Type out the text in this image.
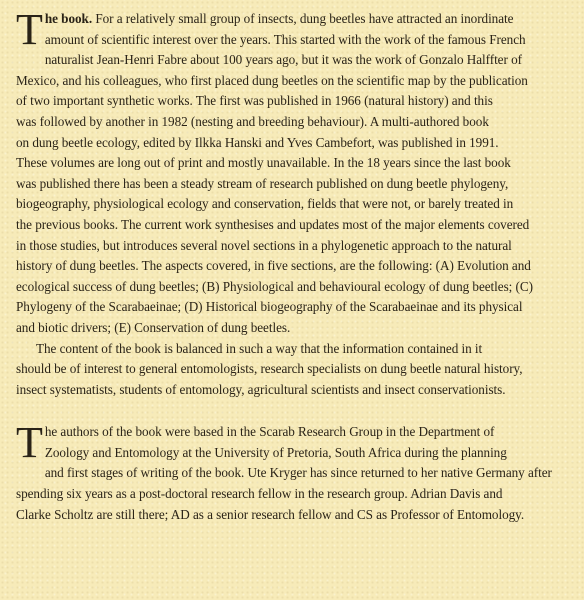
T he book. For a relatively small group of insects, dung beetles have attracted an inordinate
amount of scientific interest over the years. This started with the work of the famous French
naturalist Jean-Henri Fabre about 100 years ago, but it was the work of Gonzalo Halffter of
Mexico, and his colleagues, who first placed dung beetles on the scientific map by the publication
of two important synthetic works. The first was published in 1966 (natural history) and this
was followed by another in 1982 (nesting and breeding behaviour). A multi-authored book
on dung beetle ecology, edited by Ilkka Hanski and Yves Cambefort, was published in 1991.
These volumes are long out of print and mostly unavailable. In the 18 years since the last book
was published there has been a steady stream of research published on dung beetle phylogeny,
biogeography, physiological ecology and conservation, fields that were not, or barely treated in
the previous books. The current work synthesises and updates most of the major elements covered
in those studies, but introduces several novel sections in a phylogenetic approach to the natural
history of dung beetles. The aspects covered, in five sections, are the following: (A) Evolution and
ecological success of dung beetles; (B) Physiological and behavioural ecology of dung beetles; (C)
Phylogeny of the Scarabaeinae; (D) Historical biogeography of the Scarabaeinae and its physical
and biotic drivers; (E) Conservation of dung beetles.
The content of the book is balanced in such a way that the information contained in it
should be of interest to general entomologists, research specialists on dung beetle natural history,
insect systematists, students of entomology, agricultural scientists and insect conservationists.
T he authors of the book were based in the Scarab Research Group in the Department of
Zoology and Entomology at the University of Pretoria, South Africa during the planning
and first stages of writing of the book. Ute Kryger has since returned to her native Germany after
spending six years as a post-doctoral research fellow in the research group. Adrian Davis and
Clarke Scholtz are still there; AD as a senior research fellow and CS as Professor of Entomology.
